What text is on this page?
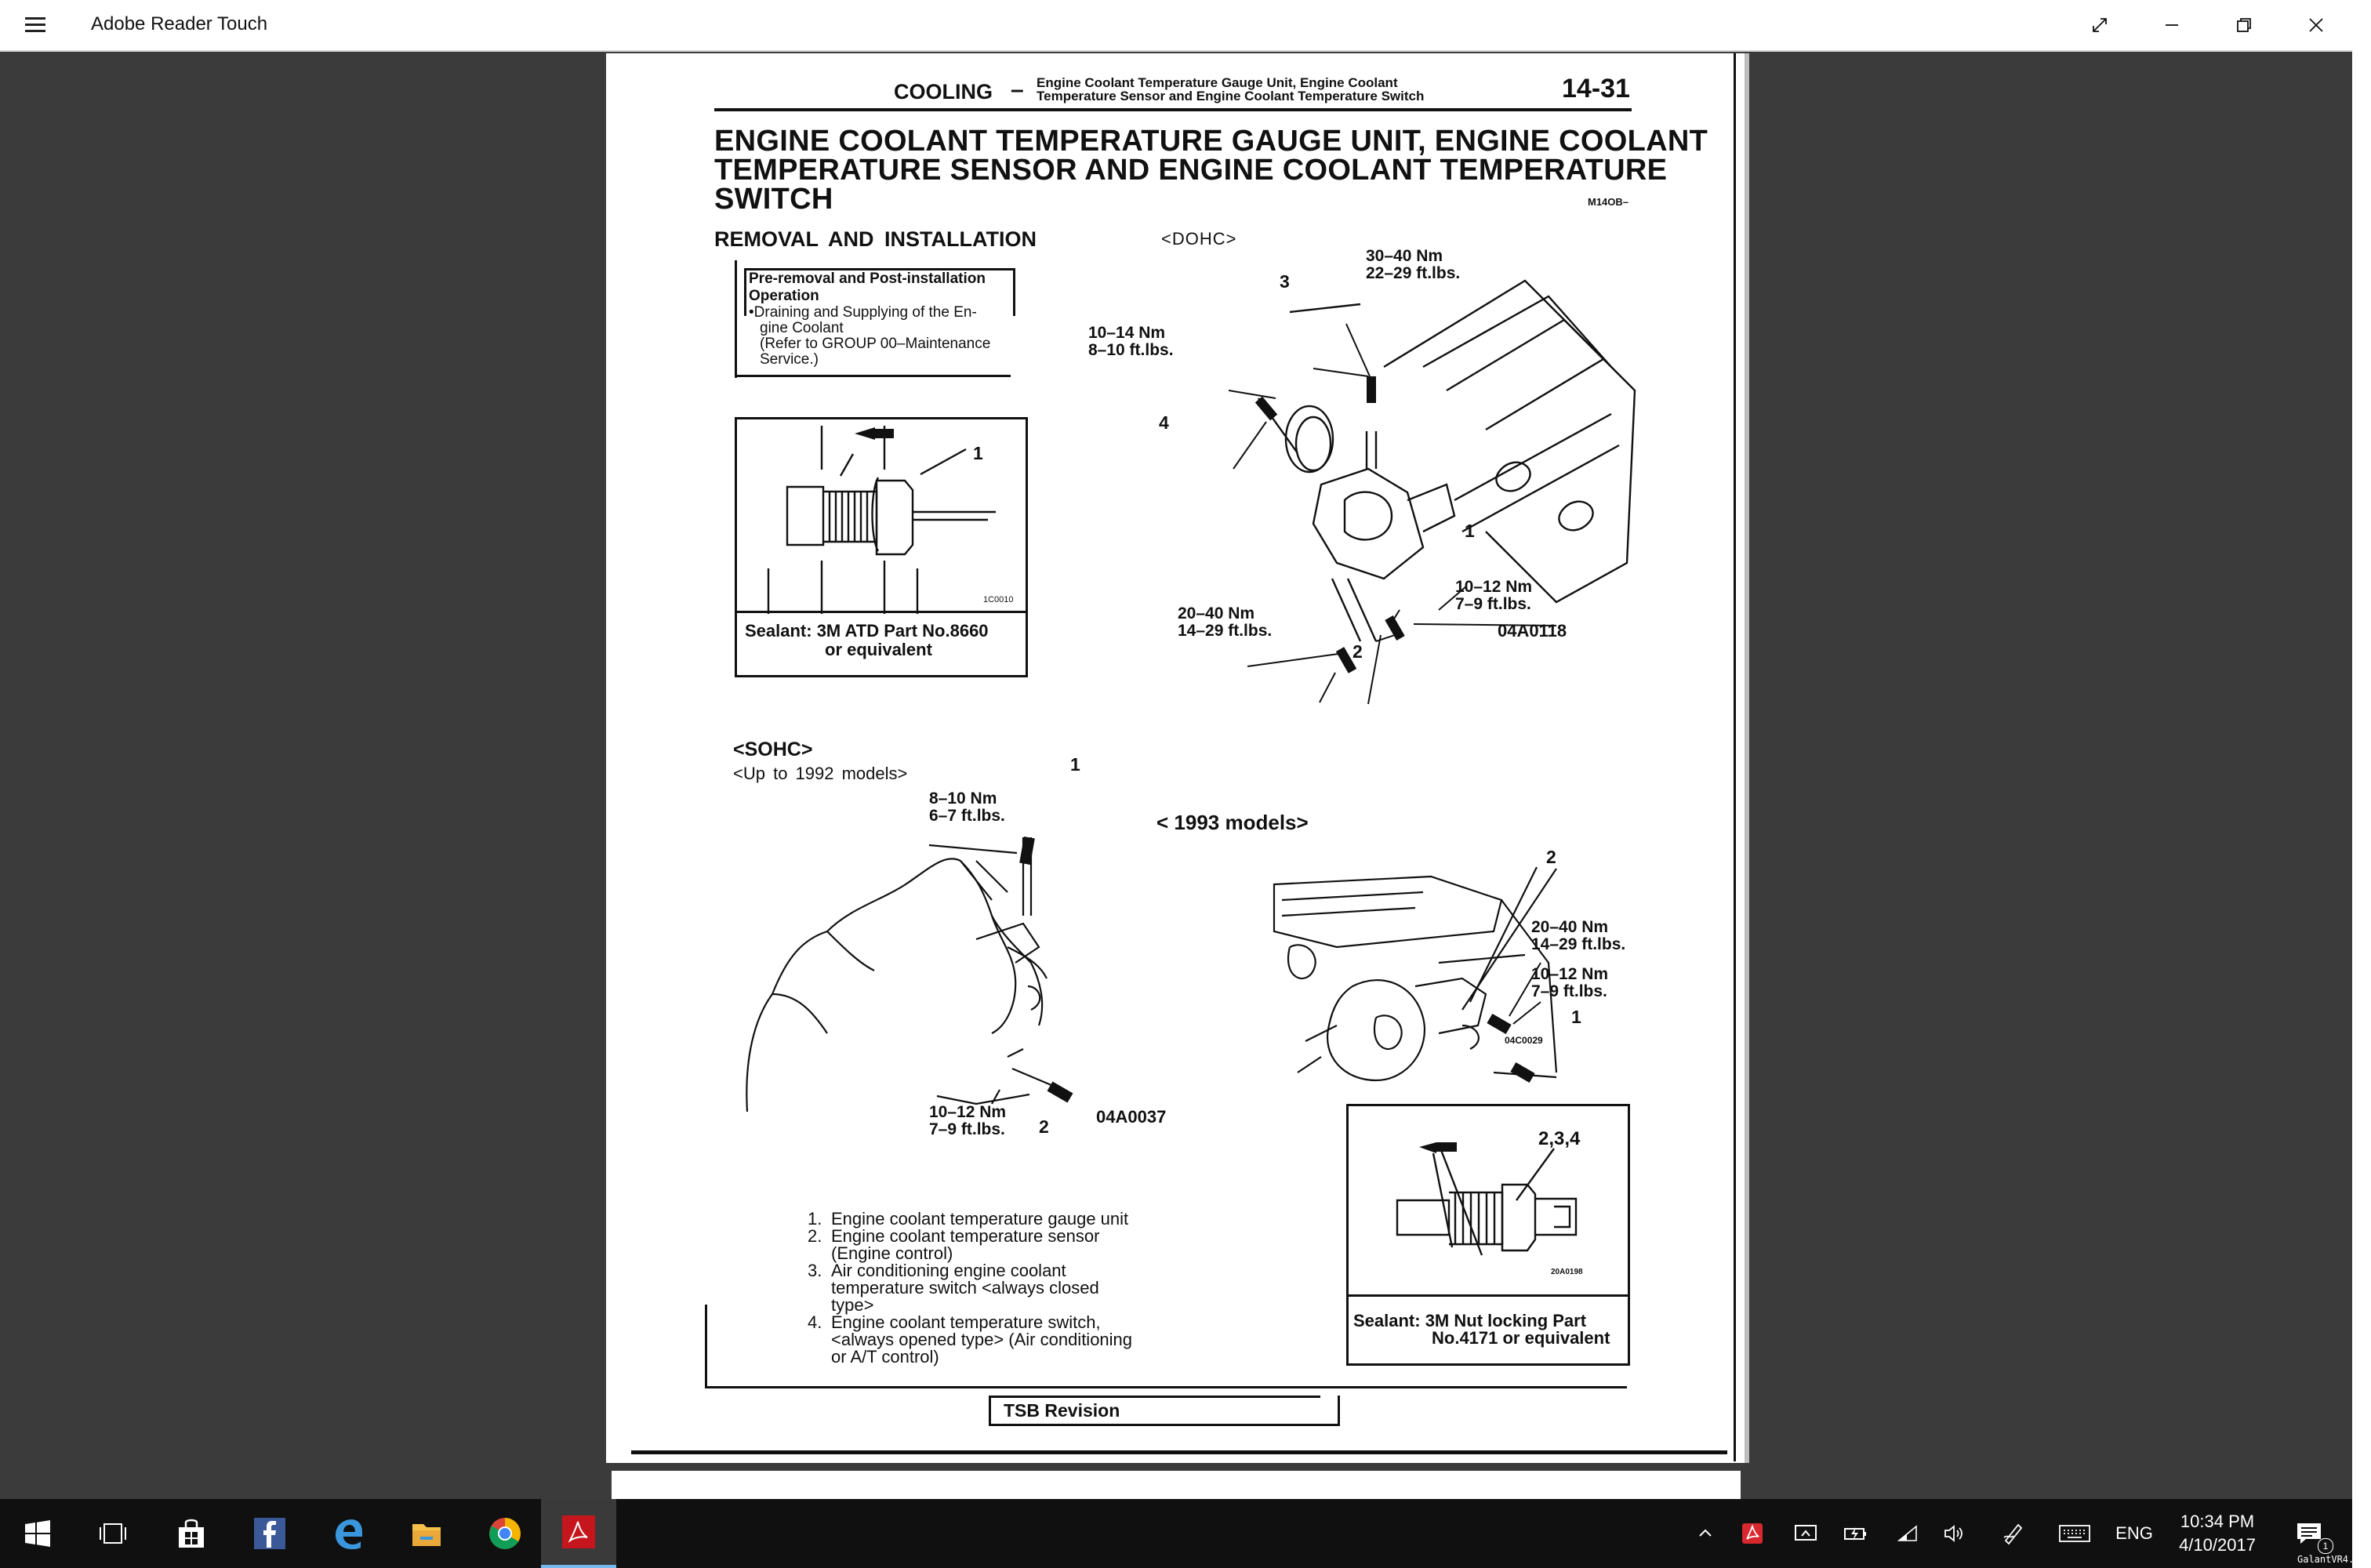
Adobe Reader Touch
COOLING – Engine Coolant Temperature Gauge Unit, Engine Coolant
Temperature Sensor and Engine Coolant Temperature Switch	14-31
ENGINE COOLANT TEMPERATURE GAUGE UNIT, ENGINE COOLANT
TEMPERATURE SENSOR AND ENGINE COOLANT TEMPERATURE
SWITCH	M14OB–
REMOVAL AND INSTALLATION
Pre-removal and Post-installation
Operation
•Draining and Supplying of the En-
gine Coolant
(Refer to GROUP 00–Maintenance
Service.)
1
1C0010
Sealant: 3M ATD Part No.8660
or equivalent
<DOHC>
30–40 Nm
22–29 ft.lbs.
3
10–14 Nm
8–10 ft.lbs.
4
1
10–12 Nm
7–9 ft.lbs.
20–40 Nm
14–29 ft.lbs.	04A0118
2
<SOHC>
<Up to 1992 models>	1
8–10 Nm
6–7 ft.lbs.
10–12 Nm
7–9 ft.lbs. 2	04A0037
< 1993 models>
2
20–40 Nm
14–29 ft.lbs.
10–12 Nm
7–9 ft.lbs.
1
04C0029
1. Engine coolant temperature gauge unit
2. Engine coolant temperature sensor
(Engine control)
3. Air conditioning engine coolant
temperature switch <always closed
type>
4. Engine coolant temperature switch,
<always opened type> (Air conditioning
or A/T control)
2,3,4
20A0198
Sealant: 3M Nut locking Part
No.4171 or equivalent
TSB Revision
ENG
10:34 PM
4/10/2017	1
GalantVR4.org
